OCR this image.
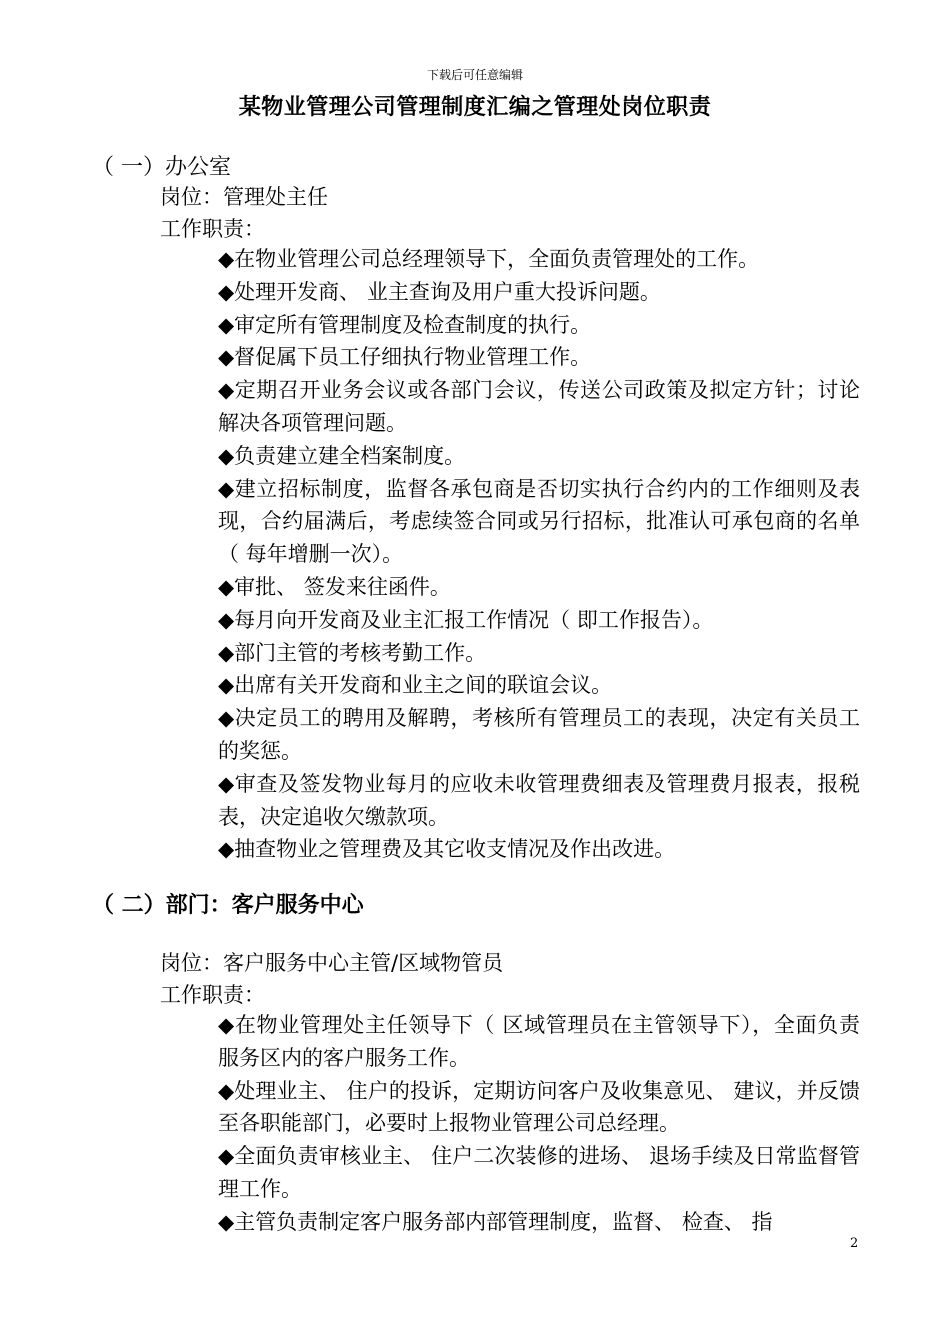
下载后可任意编辑
某物业管理公司管理制度汇编之管理处岗位职责
（ 一）办公室
岗位：管理处主任
工作职责：
◆在物业管理公司总经理领导下，全面负责管理处的工作。
◆处理开发商、 业主查询及用户重大投诉问题。
◆审定所有管理制度及检查制度的执行。
◆督促属下员工仔细执行物业管理工作。
◆定期召开业务会议或各部门会议，传送公司政策及拟定方针；讨论解决各项管理问题。
◆负责建立建全档案制度。
◆建立招标制度，监督各承包商是否切实执行合约内的工作细则及表现，合约届满后，考虑续签合同或另行招标，批准认可承包商的名单（ 每年增删一次）。
◆审批、 签发来往函件。
◆每月向开发商及业主汇报工作情况（ 即工作报告）。
◆部门主管的考核考勤工作。
◆出席有关开发商和业主之间的联谊会议。
◆决定员工的聘用及解聘，考核所有管理员工的表现，决定有关员工的奖惩。
◆审查及签发物业每月的应收未收管理费细表及管理费月报表，报税表，决定追收欠缴款项。
◆抽查物业之管理费及其它收支情况及作出改进。
（ 二）部门：客户服务中心
岗位：客户服务中心主管/区域物管员
工作职责：
◆在物业管理处主任领导下（ 区域管理员在主管领导下），全面负责服务区内的客户服务工作。
◆处理业主、 住户的投诉，定期访问客户及收集意见、 建议，并反馈至各职能部门，必要时上报物业管理公司总经理。
◆全面负责审核业主、 住户二次装修的进场、 退场手续及日常监督管理工作。
◆主管负责制定客户服务部内部管理制度，监督、 检查、 指
2
